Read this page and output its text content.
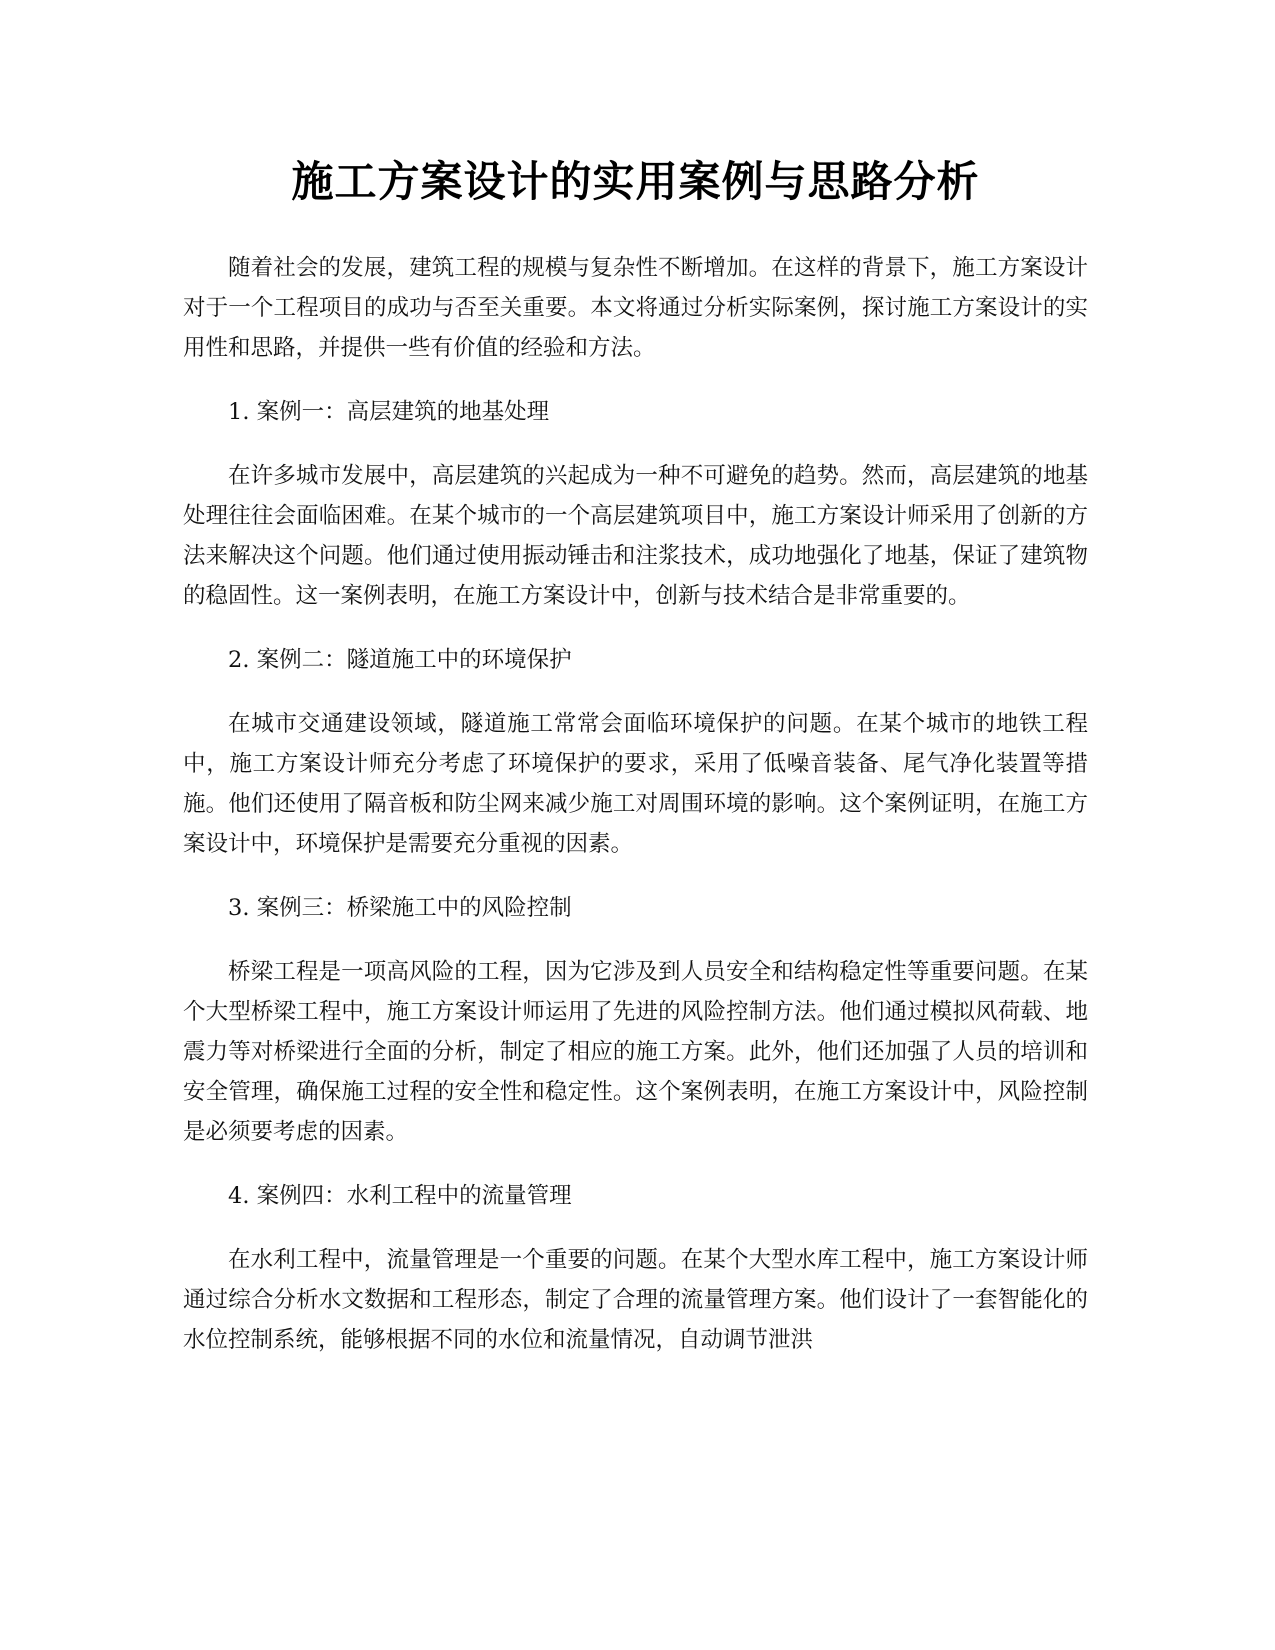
施工方案设计的实用案例与思路分析

随着社会的发展，建筑工程的规模与复杂性不断增加。在这样的背景下，施工方案设计对于一个工程项目的成功与否至关重要。本文将通过分析实际案例，探讨施工方案设计的实用性和思路，并提供一些有价值的经验和方法。

1. 案例一：高层建筑的地基处理

在许多城市发展中，高层建筑的兴起成为一种不可避免的趋势。然而，高层建筑的地基处理往往会面临困难。在某个城市的一个高层建筑项目中，施工方案设计师采用了创新的方法来解决这个问题。他们通过使用振动锤击和注浆技术，成功地强化了地基，保证了建筑物的稳固性。这一案例表明，在施工方案设计中，创新与技术结合是非常重要的。

2. 案例二：隧道施工中的环境保护

在城市交通建设领域，隧道施工常常会面临环境保护的问题。在某个城市的地铁工程中，施工方案设计师充分考虑了环境保护的要求，采用了低噪音装备、尾气净化装置等措施。他们还使用了隔音板和防尘网来减少施工对周围环境的影响。这个案例证明，在施工方案设计中，环境保护是需要充分重视的因素。

3. 案例三：桥梁施工中的风险控制

桥梁工程是一项高风险的工程，因为它涉及到人员安全和结构稳定性等重要问题。在某个大型桥梁工程中，施工方案设计师运用了先进的风险控制方法。他们通过模拟风荷载、地震力等对桥梁进行全面的分析，制定了相应的施工方案。此外，他们还加强了人员的培训和安全管理，确保施工过程的安全性和稳定性。这个案例表明，在施工方案设计中，风险控制是必须要考虑的因素。

4. 案例四：水利工程中的流量管理

在水利工程中，流量管理是一个重要的问题。在某个大型水库工程中，施工方案设计师通过综合分析水文数据和工程形态，制定了合理的流量管理方案。他们设计了一套智能化的水位控制系统，能够根据不同的水位和流量情况，自动调节泄洪
